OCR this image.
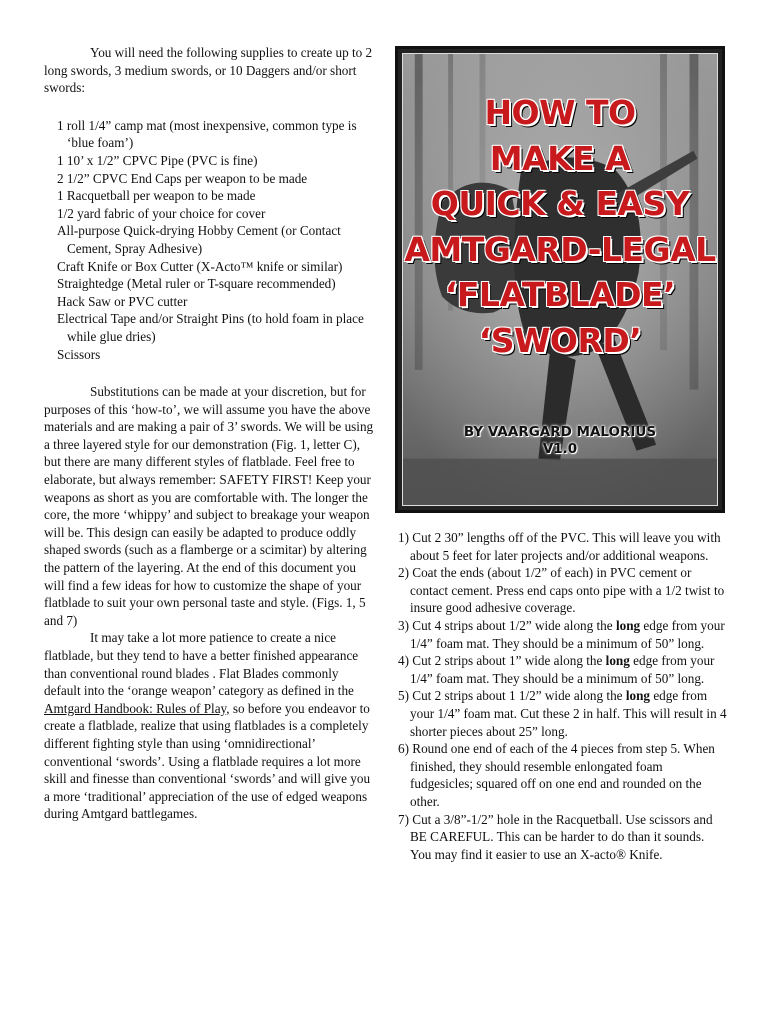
You will need the following supplies to create up to 2 long swords, 3 medium swords, or 10 Daggers and/or short swords:

1 roll 1/4” camp mat (most inexpensive, common type is ‘blue foam’)
1 10’ x 1/2” CPVC Pipe (PVC is fine)
2 1/2” CPVC End Caps per weapon to be made
1 Racquetball per weapon to be made
1/2 yard fabric of your choice for cover
All-purpose Quick-drying Hobby Cement (or Contact Cement, Spray Adhesive)
Craft Knife or Box Cutter (X-Acto™ knife or similar)
Straightedge (Metal ruler or T-square recommended)
Hack Saw or PVC cutter
Electrical Tape and/or Straight Pins (to hold foam in place while glue dries)
Scissors

Substitutions can be made at your discretion, but for purposes of this ‘how-to’, we will assume you have the above materials and are making a pair of 3’ swords. We will be using a three layered style for our demonstration (Fig. 1, letter C), but there are many different styles of flatblade. Feel free to elaborate, but always remember: SAFETY FIRST! Keep your weapons as short as you are comfortable with. The longer the core, the more ‘whippy’ and subject to breakage your weapon will be. This design can easily be adapted to produce oddly shaped swords (such as a flamberge or a scimitar) by altering the pattern of the layering. At the end of this document you will find a few ideas for how to customize the shape of your flatblade to suit your own personal taste and style. (Figs. 1, 5 and 7)

It may take a lot more patience to create a nice flatblade, but they tend to have a better finished appearance than conventional round blades . Flat Blades commonly default into the ‘orange weapon’ category as defined in the Amtgard Handbook: Rules of Play, so before you endeavor to create a flatblade, realize that using flatblades is a completely different fighting style than using ‘omnidirectional’ conventional ‘swords’. Using a flatblade requires a lot more skill and finesse than conventional ‘swords’ and will give you a more ‘traditional’ appreciation of the use of edged weapons during Amtgard battlegames.

HOW TO
MAKE A
QUICK & EASY
AMTGARD-LEGAL
‘FLATBLADE’
‘SWORD’
BY VAARGARD MALORIUS
V1.0
1) Cut 2 30” lengths off of the PVC. This will leave you with about 5 feet for later projects and/or additional weapons.
2) Coat the ends (about 1/2” of each) in PVC cement or contact cement. Press end caps onto pipe with a 1/2 twist to insure good adhesive coverage.
3) Cut 4 strips about 1/2” wide along the long edge from your 1/4” foam mat. They should be a minimum of 50” long.
4) Cut 2 strips about 1” wide along the long edge from your 1/4” foam mat. They should be a minimum of 50” long.
5) Cut 2 strips about 1 1/2” wide along the long edge from your 1/4” foam mat. Cut these 2 in half. This will result in 4 shorter pieces about 25” long.
6) Round one end of each of the 4 pieces from step 5. When finished, they should resemble enlongated foam fudgesicles; squared off on one end and rounded on the other.
7) Cut a 3/8”-1/2” hole in the Racquetball. Use scissors and BE CAREFUL. This can be harder to do than it sounds. You may find it easier to use an X-acto® Knife.
